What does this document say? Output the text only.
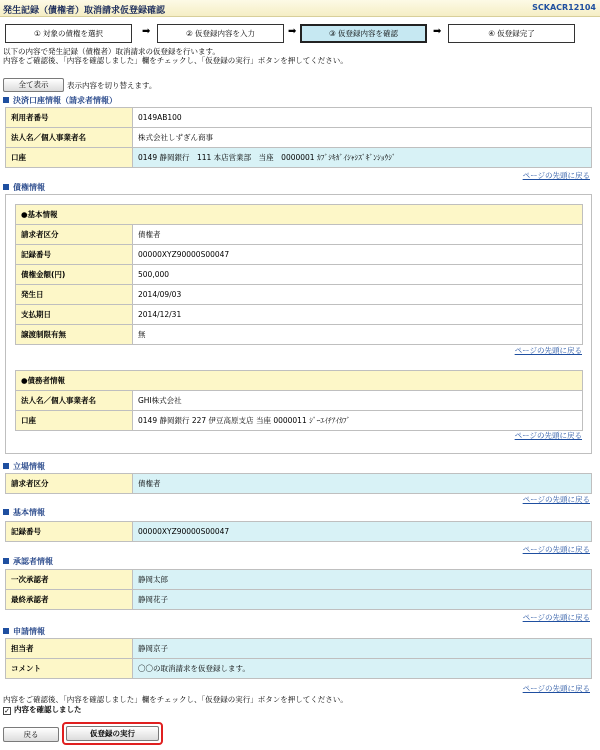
発生記録（債権者）取消請求仮登録確認	SCKACR12104
① 対象の債権を選択	➡	② 仮登録内容を入力	➡	③ 仮登録内容を確認	➡	④ 仮登録完了
以下の内容で発生記録（債権者）取消請求の仮登録を行います。
内容をご確認後、「内容を確認しました」欄をチェックし、「仮登録の実行」ボタンを押してください。
全て表示	表示内容を切り替えます。
決済口座情報（請求者情報）
利用者番号	0149AB100
法人名／個人事業者名	株式会社しずぎん商事
口座	0149 静岡銀行　111 本店営業部　当座　0000001 ｶﾌﾞｼｷｶﾞｲｼｬｼｽﾞｷﾞﾝｼｮｳｼﾞ
ページの先頭に戻る
債権情報
●基本情報	
請求者区分	債権者
記録番号	00000XYZ90000S00047
債権金額(円)	500,000
発生日	2014/09/03
支払期日	2014/12/31
譲渡制限有無	無
ページの先頭に戻る
●債務者情報	
法人名／個人事業者名	GHI株式会社
口座	0149 静岡銀行 227 伊豆高原支店 当座 0000011 ｼﾞｰｴｲﾁｱｲｶﾌﾞ
ページの先頭に戻る
立場情報
請求者区分	債権者
ページの先頭に戻る
基本情報
記録番号	00000XYZ90000S00047
ページの先頭に戻る
承認者情報
一次承認者	静岡太郎
最終承認者	静岡花子
ページの先頭に戻る
申請情報
担当者	静岡京子
コメント	〇〇の取消請求を仮登録します。
ページの先頭に戻る
内容をご確認後、「内容を確認しました」欄をチェックし、「仮登録の実行」ボタンを押してください。
✓ 内容を確認しました
戻る	仮登録の実行
